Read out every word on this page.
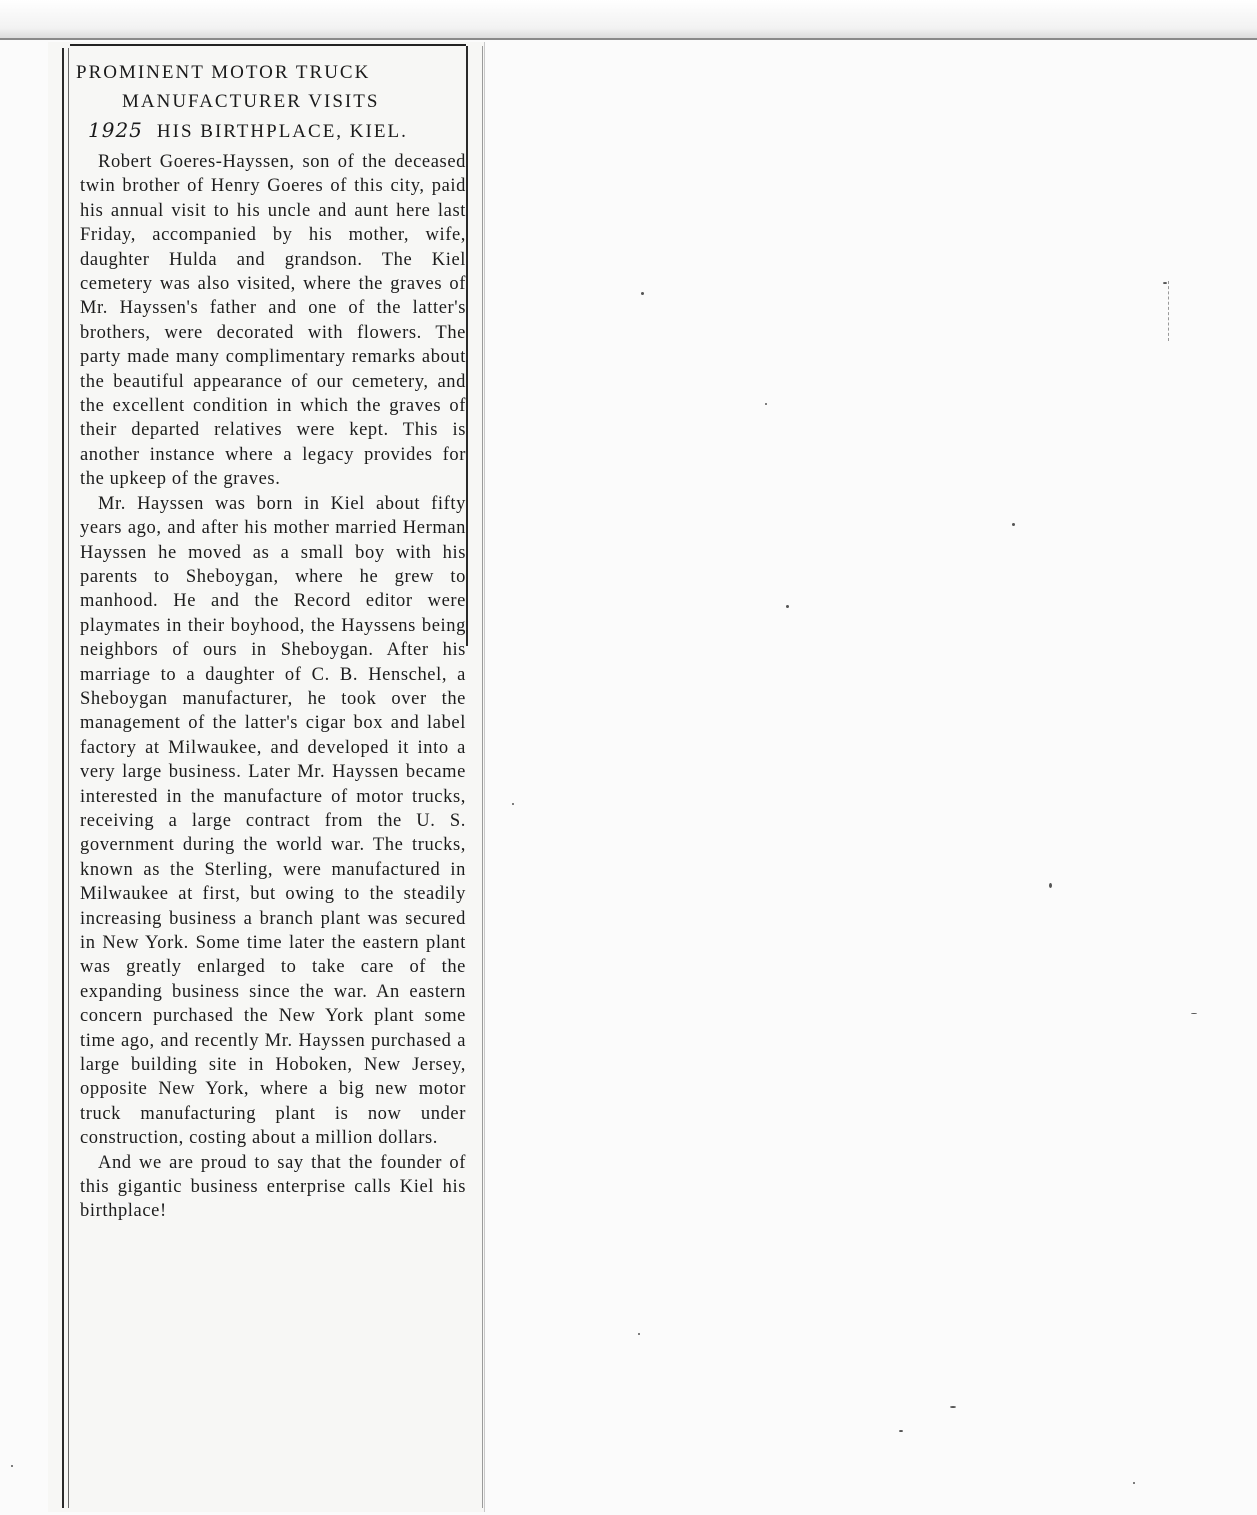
PROMINENT MOTOR TRUCK
MANUFACTURER VISITS
1925 HIS BIRTHPLACE, KIEL.

Robert Goeres-Hayssen, son of the deceased twin brother of Henry Goeres of this city, paid his annual visit to his uncle and aunt here last Friday, accompanied by his mother, wife, daughter Hulda and grandson. The Kiel cemetery was also visited, where the graves of Mr. Hayssen's father and one of the latter's brothers, were decorated with flowers. The party made many complimentary remarks about the beautiful appearance of our cemetery, and the excellent condition in which the graves of their departed relatives were kept. This is another instance where a legacy provides for the upkeep of the graves.

Mr. Hayssen was born in Kiel about fifty years ago, and after his mother married Herman Hayssen he moved as a small boy with his parents to Sheboygan, where he grew to manhood. He and the Record editor were playmates in their boyhood, the Hayssens being neighbors of ours in Sheboygan. After his marriage to a daughter of C. B. Henschel, a Sheboygan manufacturer, he took over the management of the latter's cigar box and label factory at Milwaukee, and developed it into a very large business. Later Mr. Hayssen became interested in the manufacture of motor trucks, receiving a large contract from the U. S. government during the world war. The trucks, known as the Sterling, were manufactured in Milwaukee at first, but owing to the steadily increasing business a branch plant was secured in New York. Some time later the eastern plant was greatly enlarged to take care of the expanding business since the war. An eastern concern purchased the New York plant some time ago, and recently Mr. Hayssen purchased a large building site in Hoboken, New Jersey, opposite New York, where a big new motor truck manufacturing plant is now under construction, costing about a million dollars.

And we are proud to say that the founder of this gigantic business enterprise calls Kiel his birthplace!
